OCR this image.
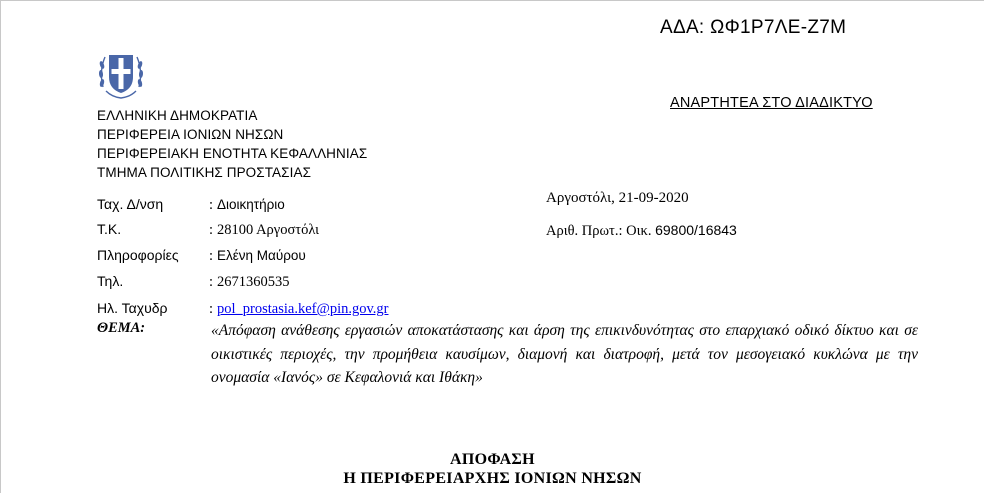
ΑΔΑ: ΩΦ1Ρ7ΛΕ-Ζ7Μ
ΑΝΑΡΤΗΤΕΑ ΣΤΟ ΔΙΑΔΙΚΤΥΟ
ΕΛΛΗΝΙΚΗ ΔΗΜΟΚΡΑΤΙΑ
ΠΕΡΙΦΕΡΕΙΑ ΙΟΝΙΩΝ ΝΗΣΩΝ
ΠΕΡΙΦΕΡΕΙΑΚΗ ΕΝΟΤΗΤΑ ΚΕΦΑΛΛΗΝΙΑΣ
ΤΜΗΜΑ ΠΟΛΙΤΙΚΗΣ ΠΡΟΣΤΑΣΙΑΣ
Ταχ. Δ/νση	: Διοικητήριο
Τ.Κ.	: 28100 Αργοστόλι
Πληροφορίες : Ελένη Μαύρου
Τηλ.	: 2671360535
Ηλ. Ταχυδρ	: pol_prostasia.kef@pin.gov.gr
Αργοστόλι, 21-09-2020
Αριθ. Πρωτ.: Οικ. 69800/16843
ΘΕΜΑ:	«Απόφαση ανάθεσης εργασιών αποκατάστασης και άρση της επικινδυνότητας στο επαρχιακό οδικό δίκτυο και σε οικιστικές περιοχές, την προμήθεια καυσίμων, διαμονή και διατροφή, μετά τον μεσογειακό κυκλώνα με την ονομασία «Ιανός» σε Κεφαλονιά και Ιθάκη»
ΑΠΟΦΑΣΗ
Η ΠΕΡΙΦΕΡΕΙΑΡΧΗΣ ΙΟΝΙΩΝ ΝΗΣΩΝ
